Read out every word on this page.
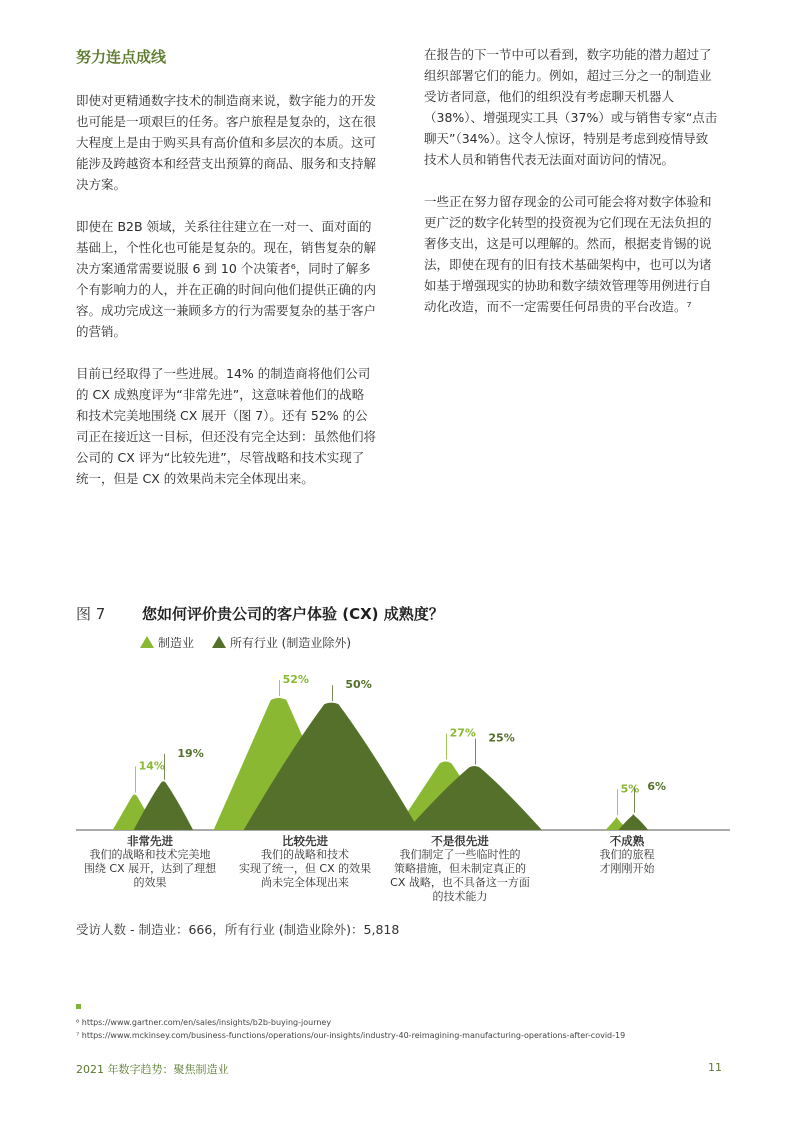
努力连点成线

即使对更精通数字技术的制造商来说，数字能力的开发也可能是一项艰巨的任务。客户旅程是复杂的，这在很大程度上是由于购买具有高价值和多层次的本质。这可能涉及跨越资本和经营支出预算的商品、服务和支持解决方案。

即使在 B2B 领域，关系往往建立在一对一、面对面的基础上，个性化也可能是复杂的。现在，销售复杂的解决方案通常需要说服 6 到 10 个决策者⁶，同时了解多个有影响力的人，并在正确的时间向他们提供正确的内容。成功完成这一兼顾多方的行为需要复杂的基于客户的营销。

目前已经取得了一些进展。14% 的制造商将他们公司的 CX 成熟度评为“非常先进”，这意味着他们的战略和技术完美地围绕 CX 展开（图 7）。还有 52% 的公司正在接近这一目标，但还没有完全达到：虽然他们将公司的 CX 评为“比较先进”，尽管战略和技术实现了统一，但是 CX 的效果尚未完全体现出来。

在报告的下一节中可以看到，数字功能的潜力超过了组织部署它们的能力。例如，超过三分之一的制造业受访者同意，他们的组织没有考虑聊天机器人（38%）、增强现实工具（37%）或与销售专家“点击聊天”（34%）。这令人惊讶，特别是考虑到疫情导致技术人员和销售代表无法面对面访问的情况。

一些正在努力留存现金的公司可能会将对数字体验和更广泛的数字化转型的投资视为它们现在无法负担的奢侈支出，这是可以理解的。然而，根据麦肯锡的说法，即使在现有的旧有技术基础架构中，也可以为诸如基于增强现实的协助和数字绩效管理等用例进行自动化改造，而不一定需要任何昂贵的平台改造。⁷

图 7 您如何评价贵公司的客户体验 (CX) 成熟度？
制造业	所有行业 (制造业除外)
14%
52%
27%
5%
19%
50%
25%
6%
非常先进
我们的战略和技术完美地
围绕 CX 展开，达到了理想
的效果
比较先进
我们的战略和技术
实现了统一，但 CX 的效果
尚未完全体现出来
不是很先进
我们制定了一些临时性的
策略措施，但未制定真正的
CX 战略，也不具备这一方面
的技术能力
不成熟
我们的旅程
才刚刚开始
受访人数 - 制造业：666，所有行业 (制造业除外)：5,818
⁶ https://www.gartner.com/en/sales/insights/b2b-buying-journey
⁷ https://www.mckinsey.com/business-functions/operations/our-insights/industry-40-reimagining-manufacturing-operations-after-covid-19
2021 年数字趋势：聚焦制造业	11
